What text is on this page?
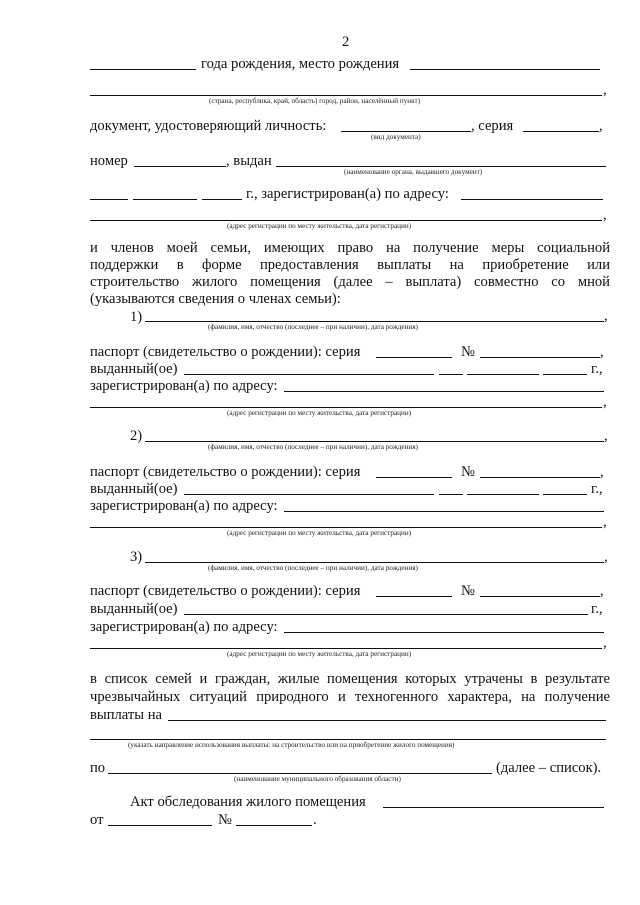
2
года рождения, место рождения
,
(страна, республика, край, область) город, район, населённый пункт)
документ, удостоверяющий личность:	, серия	,
(вид документа)
номер	, выдан
(наименование органа, выдавшего документ)
г., зарегистрирован(а) по адресу:
,
(адрес регистрации по месту жительства, дата регистрации)
и членов моей семьи, имеющих право на получение меры социальной
поддержки в форме предоставления выплаты на приобретение или
строительство жилого помещения (далее – выплата) совместно со мной
(указываются сведения о членах семьи):
1)	,
(фамилия, имя, отчество (последнее – при наличии), дата рождения)
паспорт (свидетельство о рождении): серия	№	,
выданный(ое)	г.,
зарегистрирован(а) по адресу:
,
(адрес регистрации по месту жительства, дата регистрации)
2)	,
(фамилия, имя, отчество (последнее – при наличии), дата рождения)
паспорт (свидетельство о рождении): серия	№	,
выданный(ое)	г.,
зарегистрирован(а) по адресу:
,
(адрес регистрации по месту жительства, дата регистрации)
3)	,
(фамилия, имя, отчество (последнее – при наличии), дата рождения)
паспорт (свидетельство о рождении): серия	№	,
выданный(ое)	г.,
зарегистрирован(а) по адресу:
,
(адрес регистрации по месту жительства, дата регистрации)
в список семей и граждан, жилые помещения которых утрачены в результате
чрезвычайных ситуаций природного и техногенного характера, на получение
выплаты на
(указать направление использования выплаты: на строительство или на приобретение жилого помещения)
по	(далее – список).
(наименование муниципального образования области)
Акт обследования жилого помещения
от	№	.
